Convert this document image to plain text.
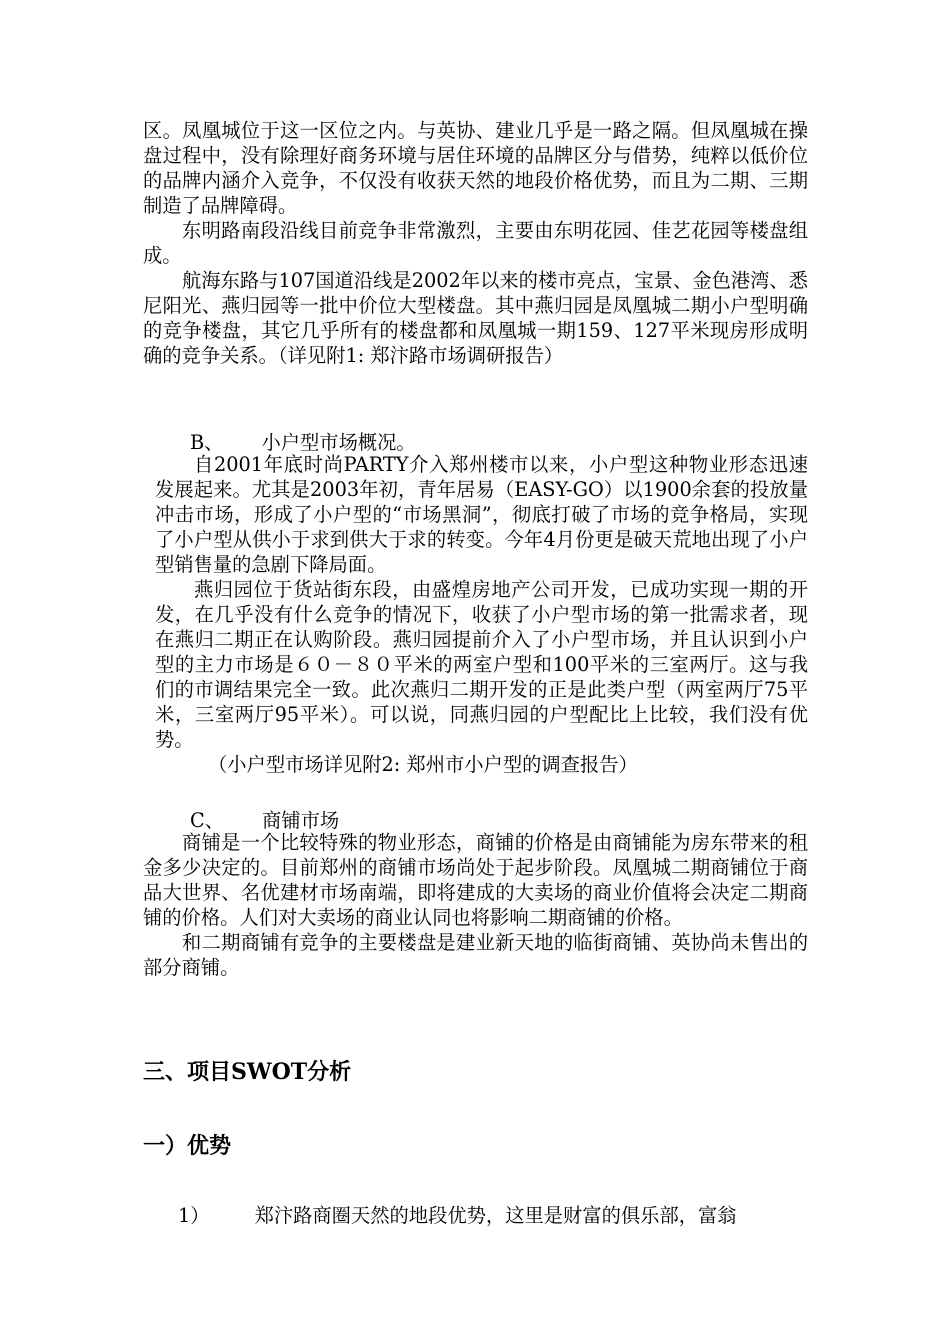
区。凤凰城位于这一区位之内。与英协、建业几乎是一路之隔。但凤凰城在操盘过程中，没有除理好商务环境与居住环境的品牌区分与借势，纯粹以低价位的品牌内涵介入竞争，不仅没有收获天然的地段价格优势，而且为二期、三期制造了品牌障碍。

东明路南段沿线目前竞争非常激烈，主要由东明花园、佳艺花园等楼盘组成。

航海东路与107国道沿线是2002年以来的楼市亮点，宝景、金色港湾、悉尼阳光、燕归园等一批中价位大型楼盘。其中燕归园是凤凰城二期小户型明确的竞争楼盘，其它几乎所有的楼盘都和凤凰城一期159、127平米现房形成明确的竞争关系。（详见附1: 郑汴路市场调研报告）

B、 小户型市场概况。

自2001年底时尚PARTY介入郑州楼市以来，小户型这种物业形态迅速发展起来。尤其是2003年初，青年居易（EASY-GO）以1900余套的投放量冲击市场，形成了小户型的“市场黑洞”，彻底打破了市场的竞争格局，实现了小户型从供小于求到供大于求的转变。今年4月份更是破天荒地出现了小户型销售量的急剧下降局面。

燕归园位于货站街东段，由盛煌房地产公司开发，已成功实现一期的开发，在几乎没有什么竞争的情况下，收获了小户型市场的第一批需求者，现在燕归二期正在认购阶段。燕归园提前介入了小户型市场，并且认识到小户型的主力市场是６０－８０平米的两室户型和100平米的三室两厅。这与我们的市调结果完全一致。此次燕归二期开发的正是此类户型（两室两厅75平米，三室两厅95平米）。可以说，同燕归园的户型配比上比较，我们没有优势。

（小户型市场详见附2: 郑州市小户型的调查报告）

C、 商铺市场

商铺是一个比较特殊的物业形态，商铺的价格是由商铺能为房东带来的租金多少决定的。目前郑州的商铺市场尚处于起步阶段。凤凰城二期商铺位于商品大世界、名优建材市场南端，即将建成的大卖场的商业价值将会决定二期商铺的价格。人们对大卖场的商业认同也将影响二期商铺的价格。

和二期商铺有竞争的主要楼盘是建业新天地的临街商铺、英协尚未售出的部分商铺。

三、项目SWOT分析
一）优势
1） 郑汴路商圈天然的地段优势，这里是财富的俱乐部，富翁
